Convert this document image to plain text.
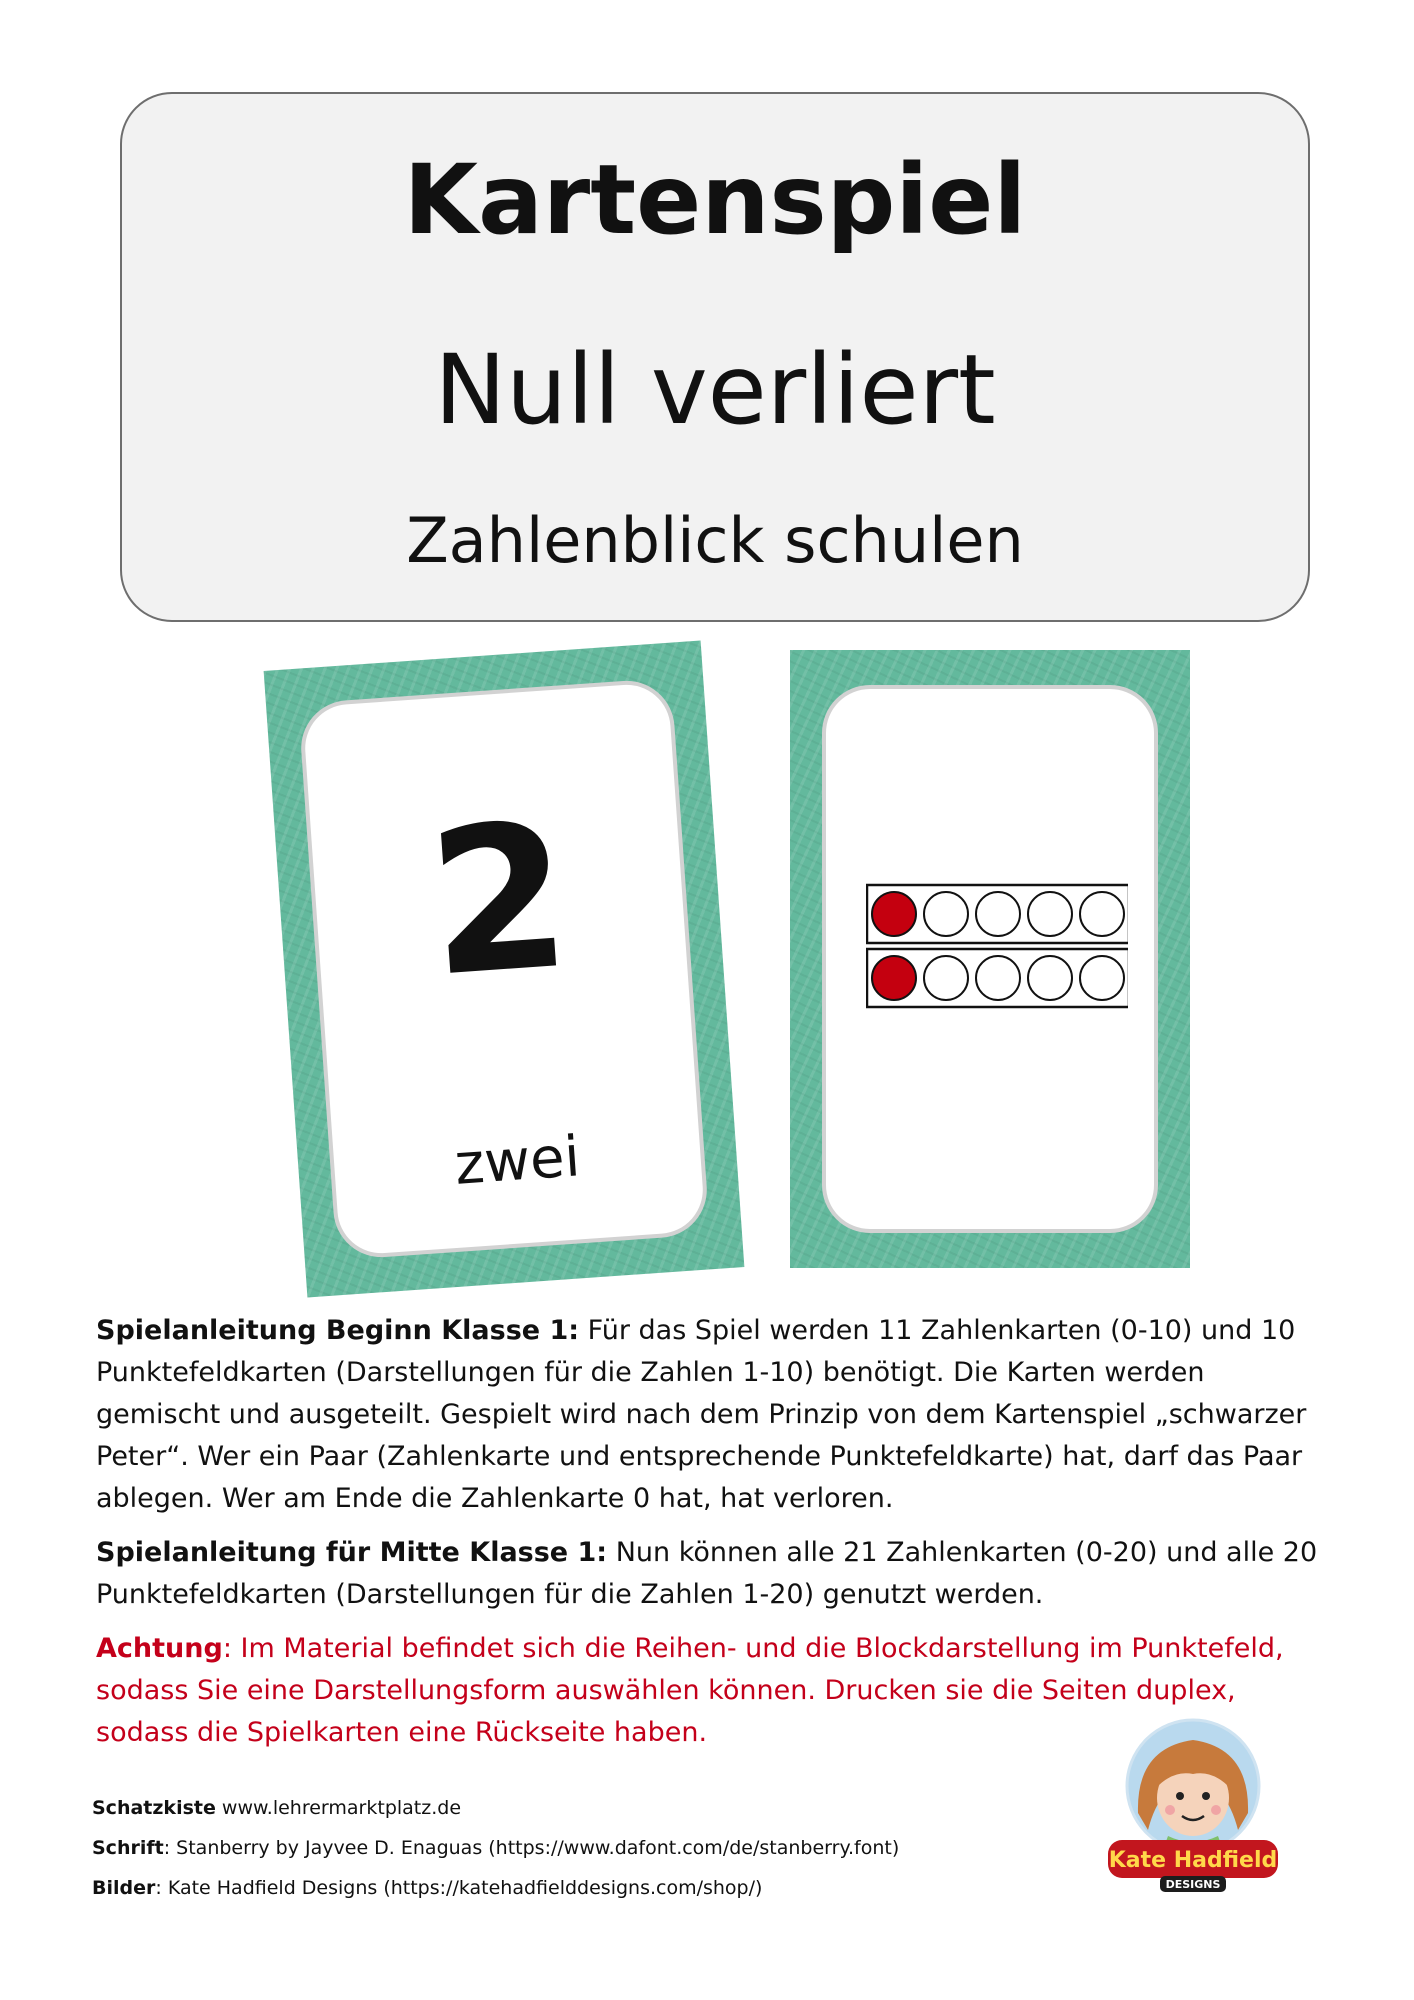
Kartenspiel
Null verliert
Zahlenblick schulen
2
zwei

Spielanleitung Beginn Klasse 1: Für das Spiel werden 11 Zahlenkarten (0-10) und 10 Punktefeldkarten (Darstellungen für die Zahlen 1-10) benötigt. Die Karten werden gemischt und ausgeteilt. Gespielt wird nach dem Prinzip von dem Kartenspiel „schwarzer Peter“. Wer ein Paar (Zahlenkarte und entsprechende Punktefeldkarte) hat, darf das Paar ablegen. Wer am Ende die Zahlenkarte 0 hat, hat verloren.

Spielanleitung für Mitte Klasse 1: Nun können alle 21 Zahlenkarten (0-20) und alle 20 Punktefeldkarten (Darstellungen für die Zahlen 1-20) genutzt werden.

Achtung: Im Material befindet sich die Reihen- und die Blockdarstellung im Punktefeld, sodass Sie eine Darstellungsform auswählen können. Drucken sie die Seiten duplex, sodass die Spielkarten eine Rückseite haben.

Schatzkiste www.lehrermarktplatz.de
Schrift: Stanberry by Jayvee D. Enaguas (https://www.dafont.com/de/stanberry.font)
Bilder: Kate Hadfield Designs (https://katehadfielddesigns.com/shop/)
Kate Hadfield
DESIGNS
